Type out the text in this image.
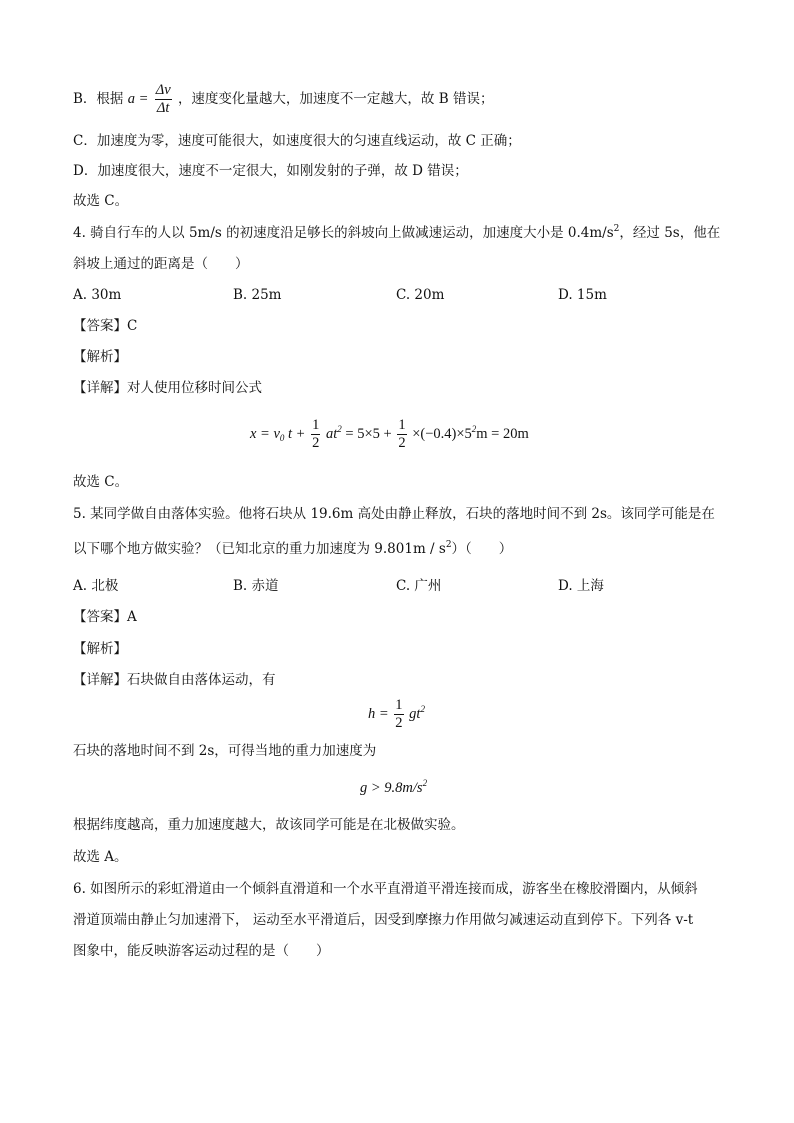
B．根据 $a = \frac{\Delta v}{\Delta t}$ ，速度变化量越大，加速度不一定越大，故 B 错误；
C．加速度为零，速度可能很大，如速度很大的匀速直线运动，故 C 正确；
D．加速度很大，速度不一定很大，如刚发射的子弹，故 D 错误；
故选 C。
4. 骑自行车的人以 5m/s 的初速度沿足够长的斜坡向上做减速运动，加速度大小是 $0.4m/s^2$，经过 5s，他在
斜坡上通过的距离是（　　）
A. 30m	B. 25m	C. 20m	D. 15m
【答案】C
【解析】
【详解】对人使用位移时间公式
$x = v_0$ $t + \frac{1}{2} at^2 = 5\times 5 + \frac{1}{2} \times(-0.4)\times 5^2m = 20m$
故选 C。
5. 某同学做自由落体实验。他将石块从 19.6m 高处由静止释放，石块的落地时间不到 2s。该同学可能是在
以下哪个地方做实验？（已知北京的重力加速度为 $9.801m / s^2$）（　　）
A. 北极	B. 赤道	C. 广州	D. 上海
【答案】A
【解析】
【详解】石块做自由落体运动，有
$h = \frac{1}{2} gt^2$
石块的落地时间不到 2s，可得当地的重力加速度为
$g > 9.8m/s^2$
根据纬度越高，重力加速度越大，故该同学可能是在北极做实验。
故选 A。
6. 如图所示的彩虹滑道由一个倾斜直滑道和一个水平直滑道平滑连接而成，游客坐在橡胶滑圈内，从倾斜
滑道顶端由静止匀加速滑下， 运动至水平滑道后，因受到摩擦力作用做匀减速运动直到停下。下列各 v-t
图象中，能反映游客运动过程的是（　　）
